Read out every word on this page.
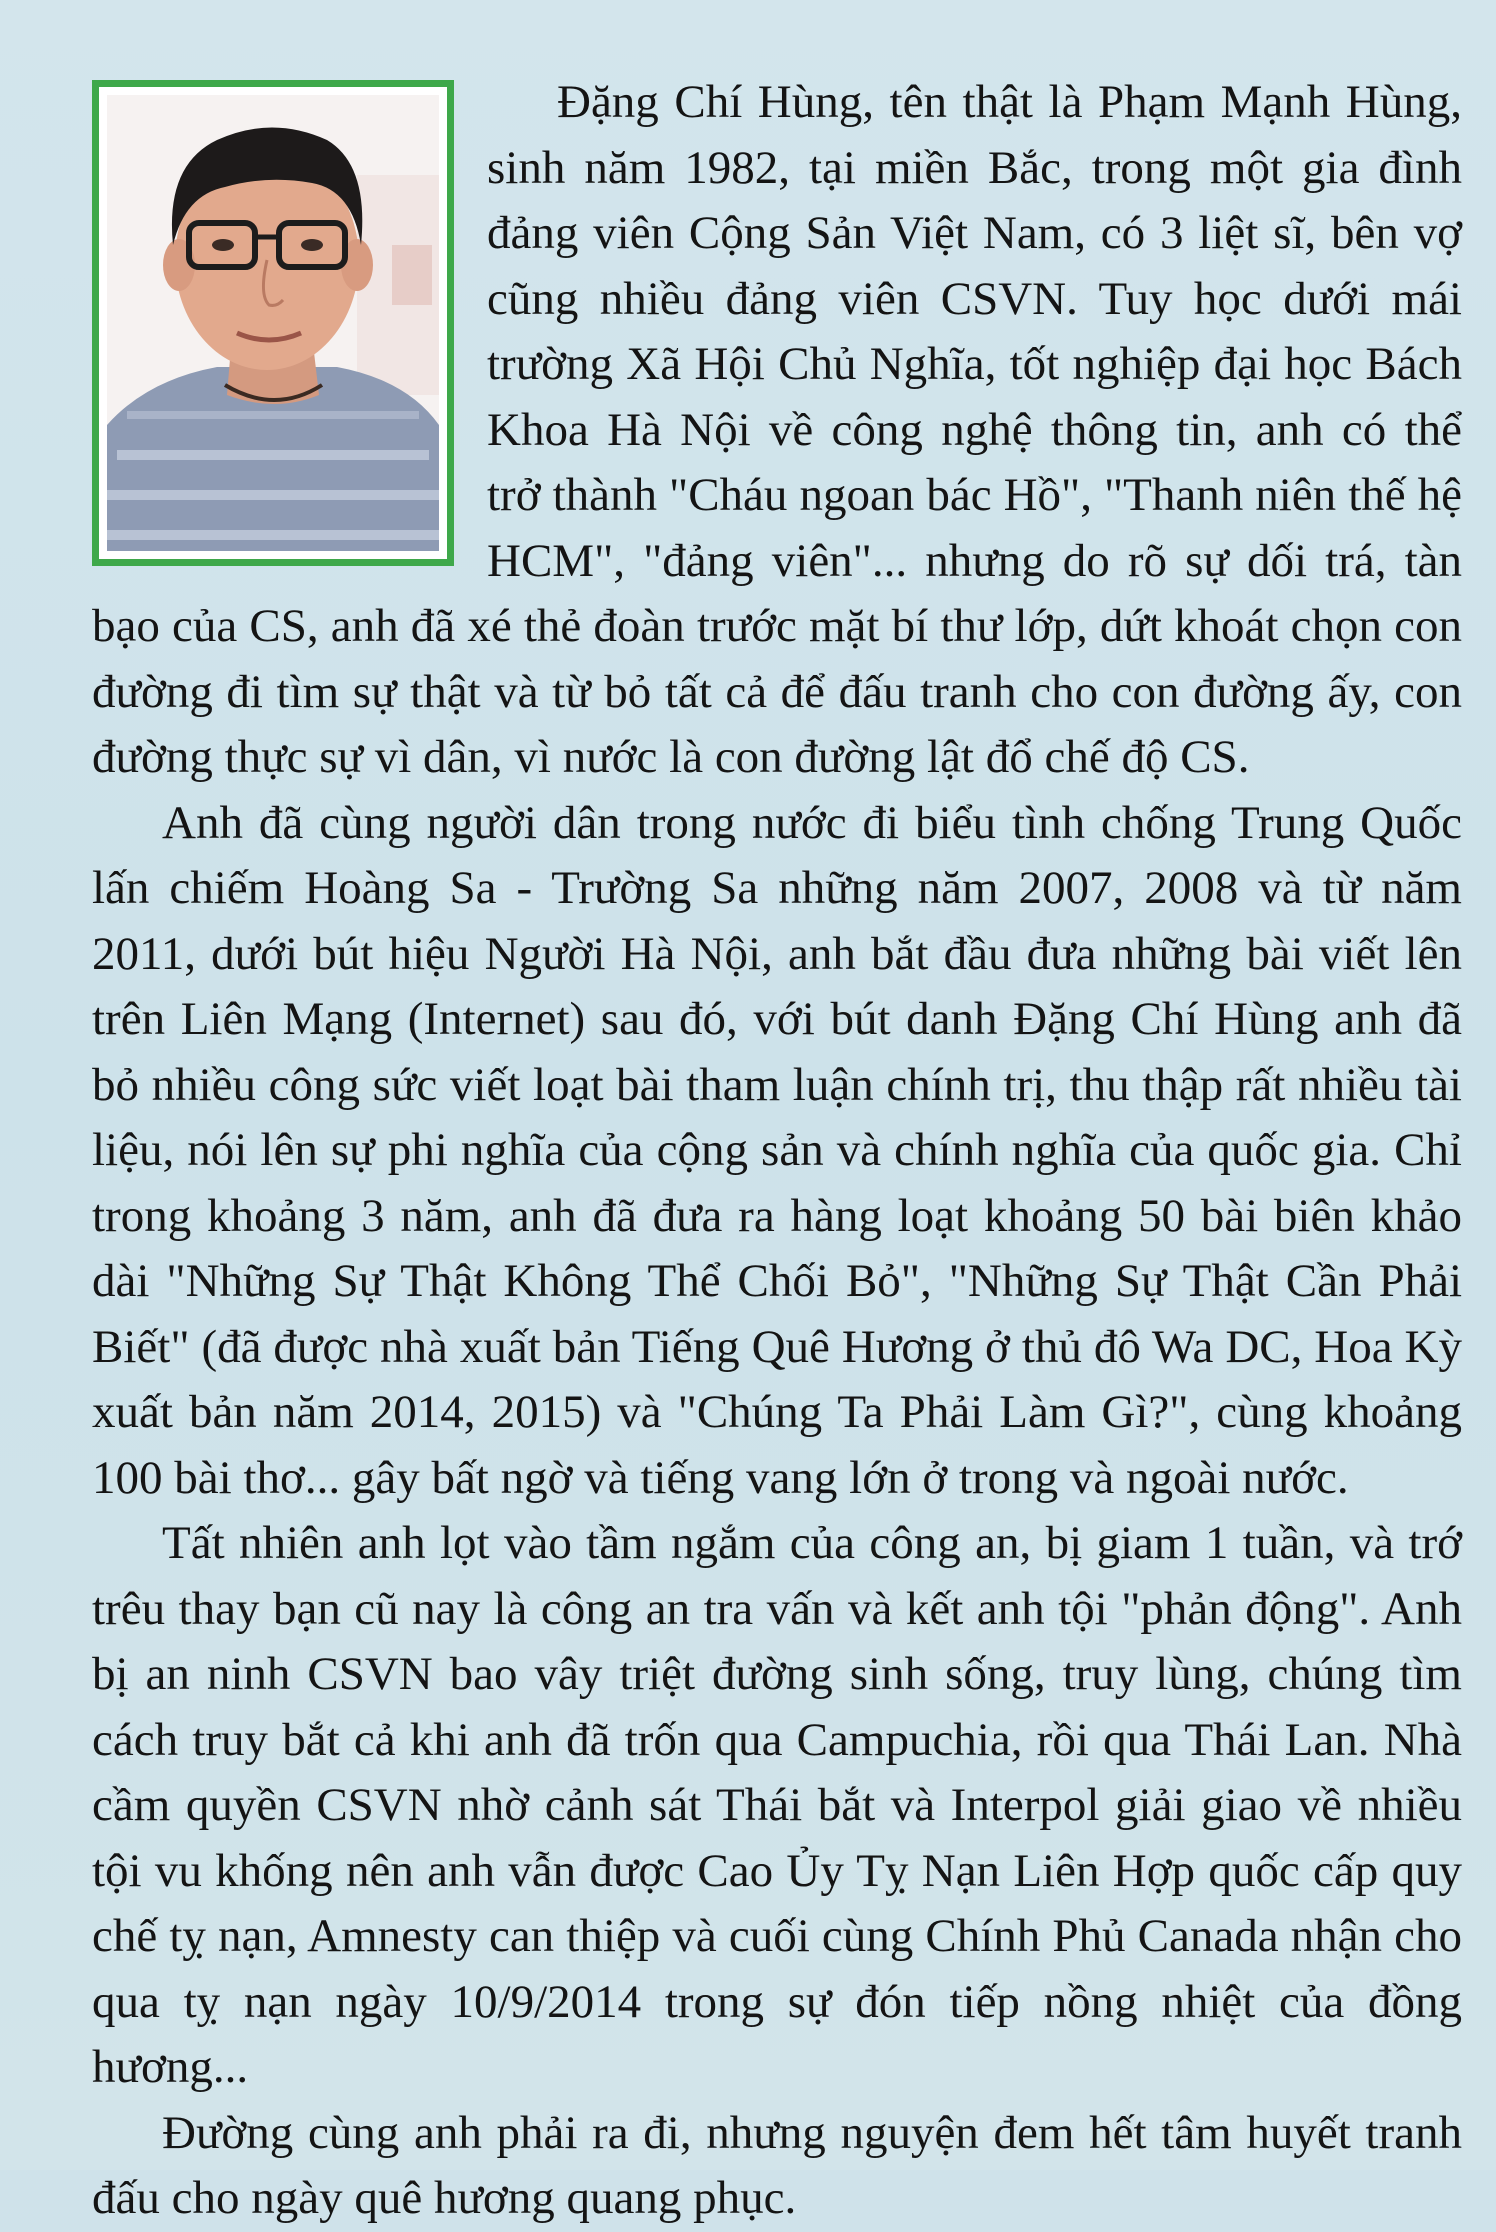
Đặng Chí Hùng, tên thật là Phạm Mạnh Hùng, sinh năm 1982, tại miền Bắc, trong một gia đình đảng viên Cộng Sản Việt Nam, có 3 liệt sĩ, bên vợ cũng nhiều đảng viên CSVN. Tuy học dưới mái trường Xã Hội Chủ Nghĩa, tốt nghiệp đại học Bách Khoa Hà Nội về công nghệ thông tin, anh có thể trở thành "Cháu ngoan bác Hồ", "Thanh niên thế hệ HCM", "đảng viên"... nhưng do rõ sự dối trá, tàn bạo của CS, anh đã xé thẻ đoàn trước mặt bí thư lớp, dứt khoát chọn con đường đi tìm sự thật và từ bỏ tất cả để đấu tranh cho con đường ấy, con đường thực sự vì dân, vì nước là con đường lật đổ chế độ CS.

Anh đã cùng người dân trong nước đi biểu tình chống Trung Quốc lấn chiếm Hoàng Sa - Trường Sa những năm 2007, 2008 và từ năm 2011, dưới bút hiệu Người Hà Nội, anh bắt đầu đưa những bài viết lên trên Liên Mạng (Internet) sau đó, với bút danh Đặng Chí Hùng anh đã bỏ nhiều công sức viết loạt bài tham luận chính trị, thu thập rất nhiều tài liệu, nói lên sự phi nghĩa của cộng sản và chính nghĩa của quốc gia. Chỉ trong khoảng 3 năm, anh đã đưa ra hàng loạt khoảng 50 bài biên khảo dài "Những Sự Thật Không Thể Chối Bỏ", "Những Sự Thật Cần Phải Biết" (đã được nhà xuất bản Tiếng Quê Hương ở thủ đô Wa DC, Hoa Kỳ xuất bản năm 2014, 2015) và "Chúng Ta Phải Làm Gì?", cùng khoảng 100 bài thơ... gây bất ngờ và tiếng vang lớn ở trong và ngoài nước.

Tất nhiên anh lọt vào tầm ngắm của công an, bị giam 1 tuần, và trớ trêu thay bạn cũ nay là công an tra vấn và kết anh tội "phản động". Anh bị an ninh CSVN bao vây triệt đường sinh sống, truy lùng, chúng tìm cách truy bắt cả khi anh đã trốn qua Campuchia, rồi qua Thái Lan. Nhà cầm quyền CSVN nhờ cảnh sát Thái bắt và Interpol giải giao về nhiều tội vu khống nên anh vẫn được Cao Ủy Tỵ Nạn Liên Hợp quốc cấp quy chế tỵ nạn, Amnesty can thiệp và cuối cùng Chính Phủ Canada nhận cho qua tỵ nạn ngày 10/9/2014 trong sự đón tiếp nồng nhiệt của đồng hương...

Đường cùng anh phải ra đi, nhưng nguyện đem hết tâm huyết tranh đấu cho ngày quê hương quang phục.
